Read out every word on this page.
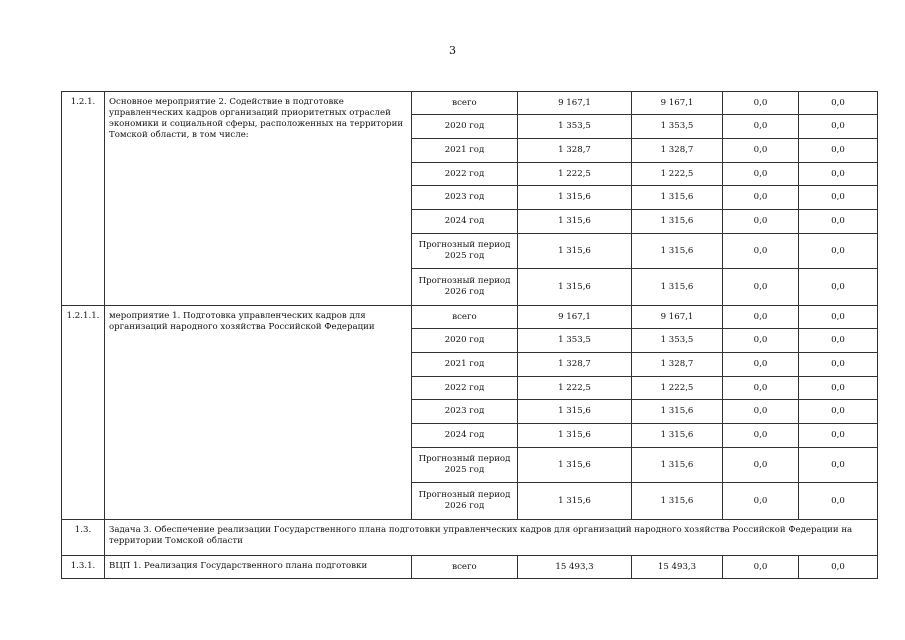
3
1.2.1.	Основное мероприятие 2. Содействие в подготовке управленческих кадров организаций приоритетных отраслей экономики и социальной сферы, расположенных на территории Томской области, в том числе:	всего	9 167,1	9 167,1	0,0	0,0
		2020 год	1 353,5	1 353,5	0,0	0,0
		2021 год	1 328,7	1 328,7	0,0	0,0
		2022 год	1 222,5	1 222,5	0,0	0,0
		2023 год	1 315,6	1 315,6	0,0	0,0
		2024 год	1 315,6	1 315,6	0,0	0,0
		Прогнозный период 2025 год	1 315,6	1 315,6	0,0	0,0
		Прогнозный период 2026 год	1 315,6	1 315,6	0,0	0,0
1.2.1.1.	мероприятие 1. Подготовка управленческих кадров для организаций народного хозяйства Российской Федерации	всего	9 167,1	9 167,1	0,0	0,0
		2020 год	1 353,5	1 353,5	0,0	0,0
		2021 год	1 328,7	1 328,7	0,0	0,0
		2022 год	1 222,5	1 222,5	0,0	0,0
		2023 год	1 315,6	1 315,6	0,0	0,0
		2024 год	1 315,6	1 315,6	0,0	0,0
		Прогнозный период 2025 год	1 315,6	1 315,6	0,0	0,0
		Прогнозный период 2026 год	1 315,6	1 315,6	0,0	0,0
1.3.	Задача 3. Обеспечение реализации Государственного плана подготовки управленческих кадров для организаций народного хозяйства Российской Федерации на территории Томской области					
1.3.1.	ВЦП 1. Реализация Государственного плана подготовки	всего	15 493,3	15 493,3	0,0	0,0
